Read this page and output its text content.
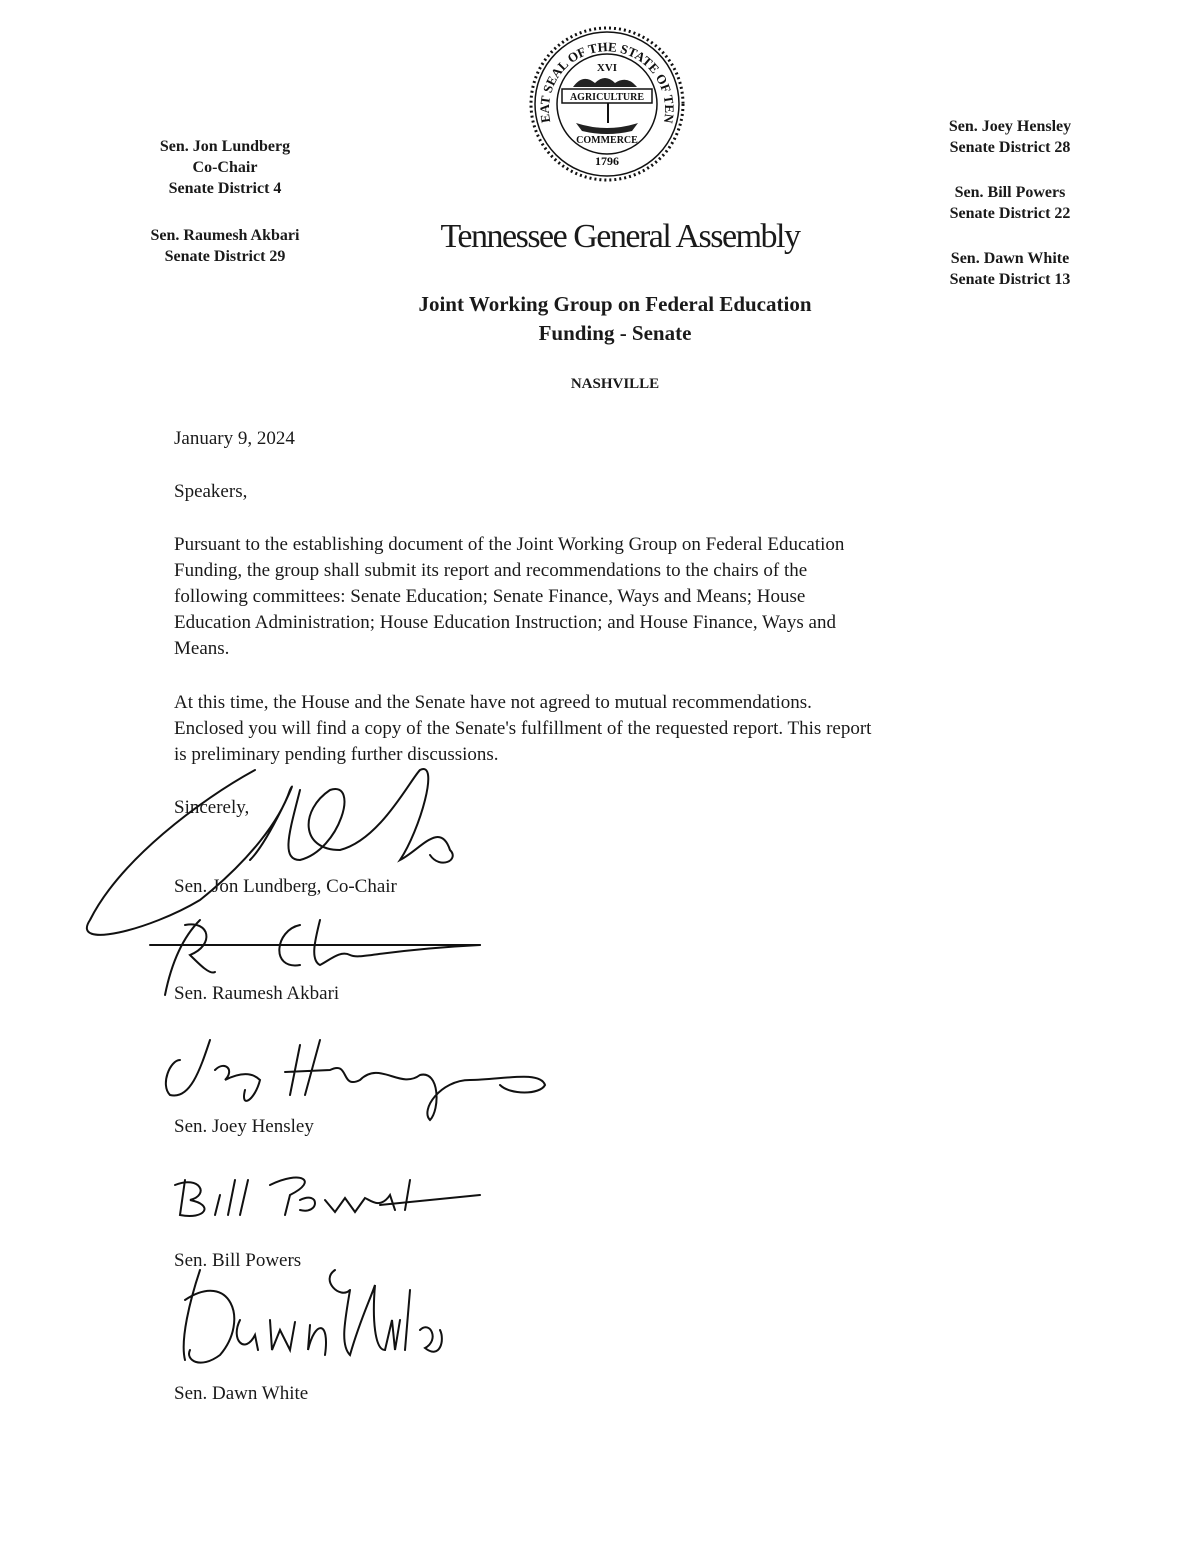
EAT SEAL OF THE STATE OF TEN
XVI
AGRICULTURE
COMMERCE
1796
Sen. Jon Lundberg
Co-Chair
Senate District 4
Sen. Raumesh Akbari
Senate District 29
Sen. Joey Hensley
Senate District 28
Sen. Bill Powers
Senate District 22
Sen. Dawn White
Senate District 13
Tennessee General Assembly
Joint Working Group on Federal Education
Funding - Senate
NASHVILLE
January 9, 2024
Speakers,
Pursuant to the establishing document of the Joint Working Group on Federal Education
Funding, the group shall submit its report and recommendations to the chairs of the
following committees: Senate Education; Senate Finance, Ways and Means; House
Education Administration; House Education Instruction; and House Finance, Ways and
Means.
At this time, the House and the Senate have not agreed to mutual recommendations.
Enclosed you will find a copy of the Senate's fulfillment of the requested report. This report
is preliminary pending further discussions.
Sincerely,
Sen. Jon Lundberg, Co-Chair
Sen. Raumesh Akbari
Sen. Joey Hensley
Sen. Bill Powers
Sen. Dawn White
